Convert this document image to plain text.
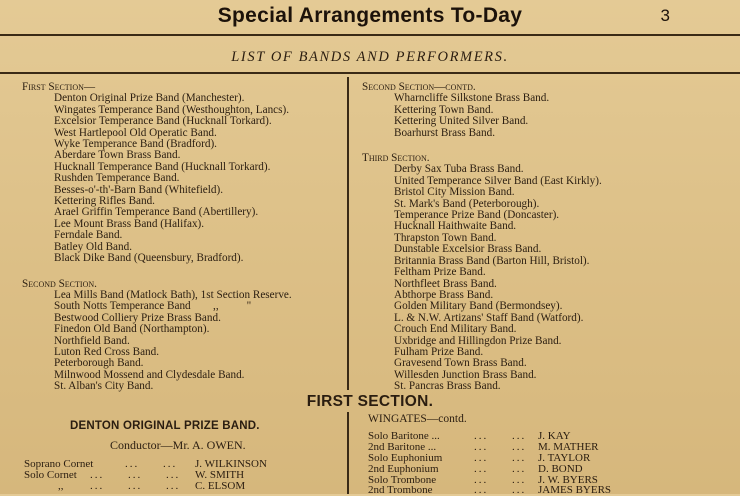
Special Arrangements To-Day	3
LIST OF BANDS AND PERFORMERS.
First Section—
Denton Original Prize Band (Manchester).
Wingates Temperance Band (Westhoughton, Lancs).
Excelsior Temperance Band (Hucknall Torkard).
West Hartlepool Old Operatic Band.
Wyke Temperance Band (Bradford).
Aberdare Town Brass Band.
Hucknall Temperance Band (Hucknall Torkard).
Rushden Temperance Band.
Besses-o'-th'-Barn Band (Whitefield).
Kettering Rifles Band.
Arael Griffin Temperance Band (Abertillery).
Lee Mount Brass Band (Halifax).
Ferndale Band.
Batley Old Band.
Black Dike Band (Queensbury, Bradford).
Second Section.
Lea Mills Band (Matlock Bath), 1st Section Reserve.
South Notts Temperance Band        ,,          "
Bestwood Colliery Prize Brass Band.
Finedon Old Band (Northampton).
Northfield Band.
Luton Red Cross Band.
Peterborough Band.
Milnwood Mossend and Clydesdale Band.
St. Alban's City Band.
Second Section—contd.
Wharncliffe Silkstone Brass Band.
Kettering Town Band.
Kettering United Silver Band.
Boarhurst Brass Band.
Third Section.
Derby Sax Tuba Brass Band.
United Temperance Silver Band (East Kirkly).
Bristol City Mission Band.
St. Mark's Band (Peterborough).
Temperance Prize Band (Doncaster).
Hucknall Haithwaite Band.
Thrapston Town Band.
Dunstable Excelsior Brass Band.
Britannia Brass Band (Barton Hill, Bristol).
Feltham Prize Band.
Northfleet Brass Band.
Abthorpe Brass Band.
Golden Military Band (Bermondsey).
L. & N.W. Artizans' Staff Band (Watford).
Crouch End Military Band.
Uxbridge and Hillingdon Prize Band.
Fulham Prize Band.
Gravesend Town Brass Band.
Willesden Junction Brass Band.
St. Pancras Brass Band.
FIRST SECTION.
DENTON ORIGINAL PRIZE BAND.
Conductor—Mr. A. OWEN.
Soprano Cornet	...     ... J. WILKINSON
Solo Cornet ...     ...     ... W. SMITH
,, ...     ...     ... C. ELSOM
WINGATES—contd.
Solo Baritone ...	...     ... J. KAY
2nd Baritone ...	...     ... M. MATHER
Solo Euphonium	...     ... J. TAYLOR
2nd Euphonium	...     ... D. BOND
Solo Trombone	...     ... J. W. BYERS
2nd Trombone	...     ... JAMES BYERS
